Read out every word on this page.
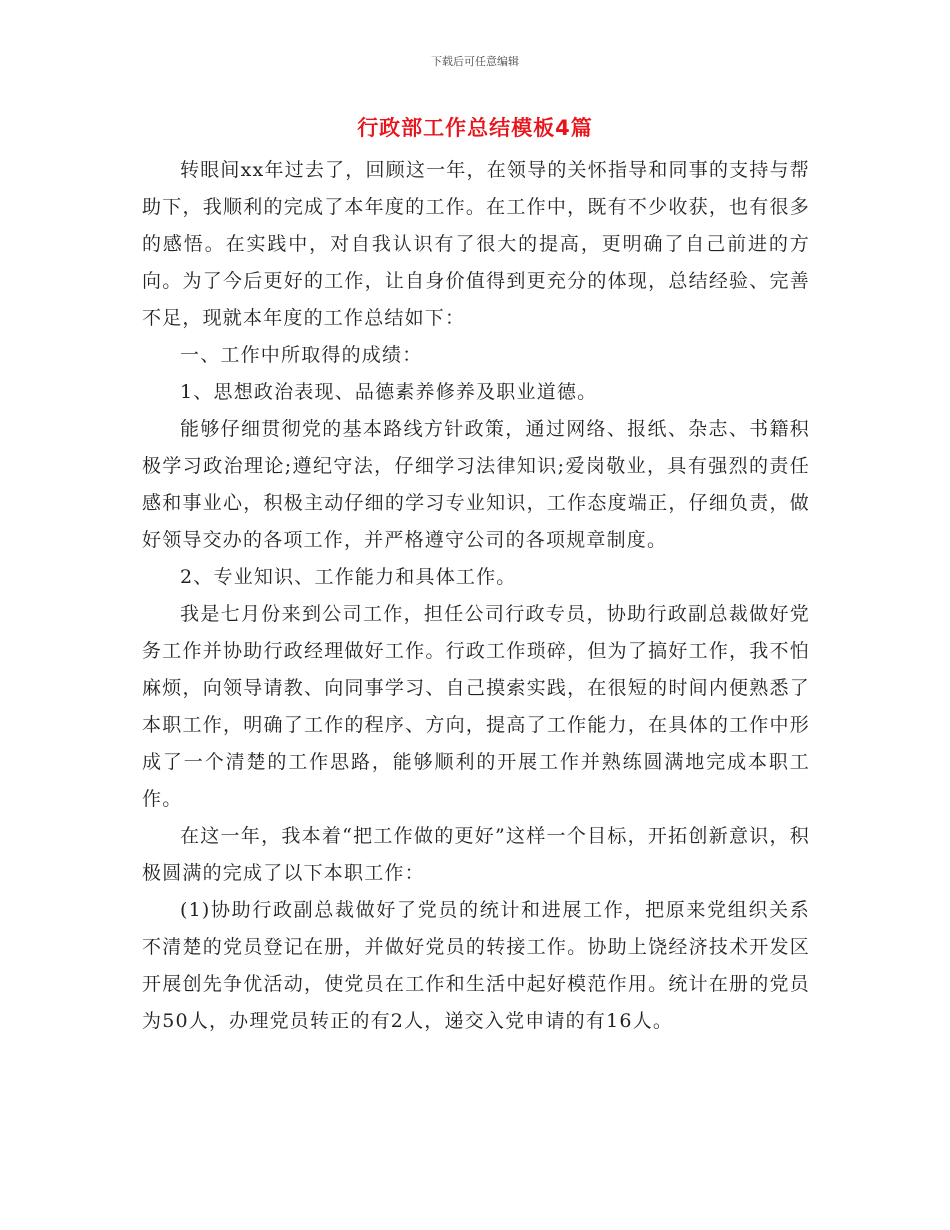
下载后可任意编辑
行政部工作总结模板4篇

转眼间xx年过去了，回顾这一年，在领导的关怀指导和同事的支持与帮助下，我顺利的完成了本年度的工作。在工作中，既有不少收获，也有很多的感悟。在实践中，对自我认识有了很大的提高，更明确了自己前进的方向。为了今后更好的工作，让自身价值得到更充分的体现，总结经验、完善不足，现就本年度的工作总结如下：

一、工作中所取得的成绩：

1、思想政治表现、品德素养修养及职业道德。

能够仔细贯彻党的基本路线方针政策，通过网络、报纸、杂志、书籍积极学习政治理论;遵纪守法，仔细学习法律知识;爱岗敬业，具有强烈的责任感和事业心，积极主动仔细的学习专业知识，工作态度端正，仔细负责，做好领导交办的各项工作，并严格遵守公司的各项规章制度。

2、专业知识、工作能力和具体工作。

我是七月份来到公司工作，担任公司行政专员，协助行政副总裁做好党务工作并协助行政经理做好工作。行政工作琐碎，但为了搞好工作，我不怕麻烦，向领导请教、向同事学习、自己摸索实践，在很短的时间内便熟悉了本职工作，明确了工作的程序、方向，提高了工作能力，在具体的工作中形成了一个清楚的工作思路，能够顺利的开展工作并熟练圆满地完成本职工作。

在这一年，我本着“把工作做的更好”这样一个目标，开拓创新意识，积极圆满的完成了以下本职工作：

(1)协助行政副总裁做好了党员的统计和进展工作，把原来党组织关系不清楚的党员登记在册，并做好党员的转接工作。协助上饶经济技术开发区开展创先争优活动，使党员在工作和生活中起好模范作用。统计在册的党员为50人，办理党员转正的有2人，递交入党申请的有16人。
